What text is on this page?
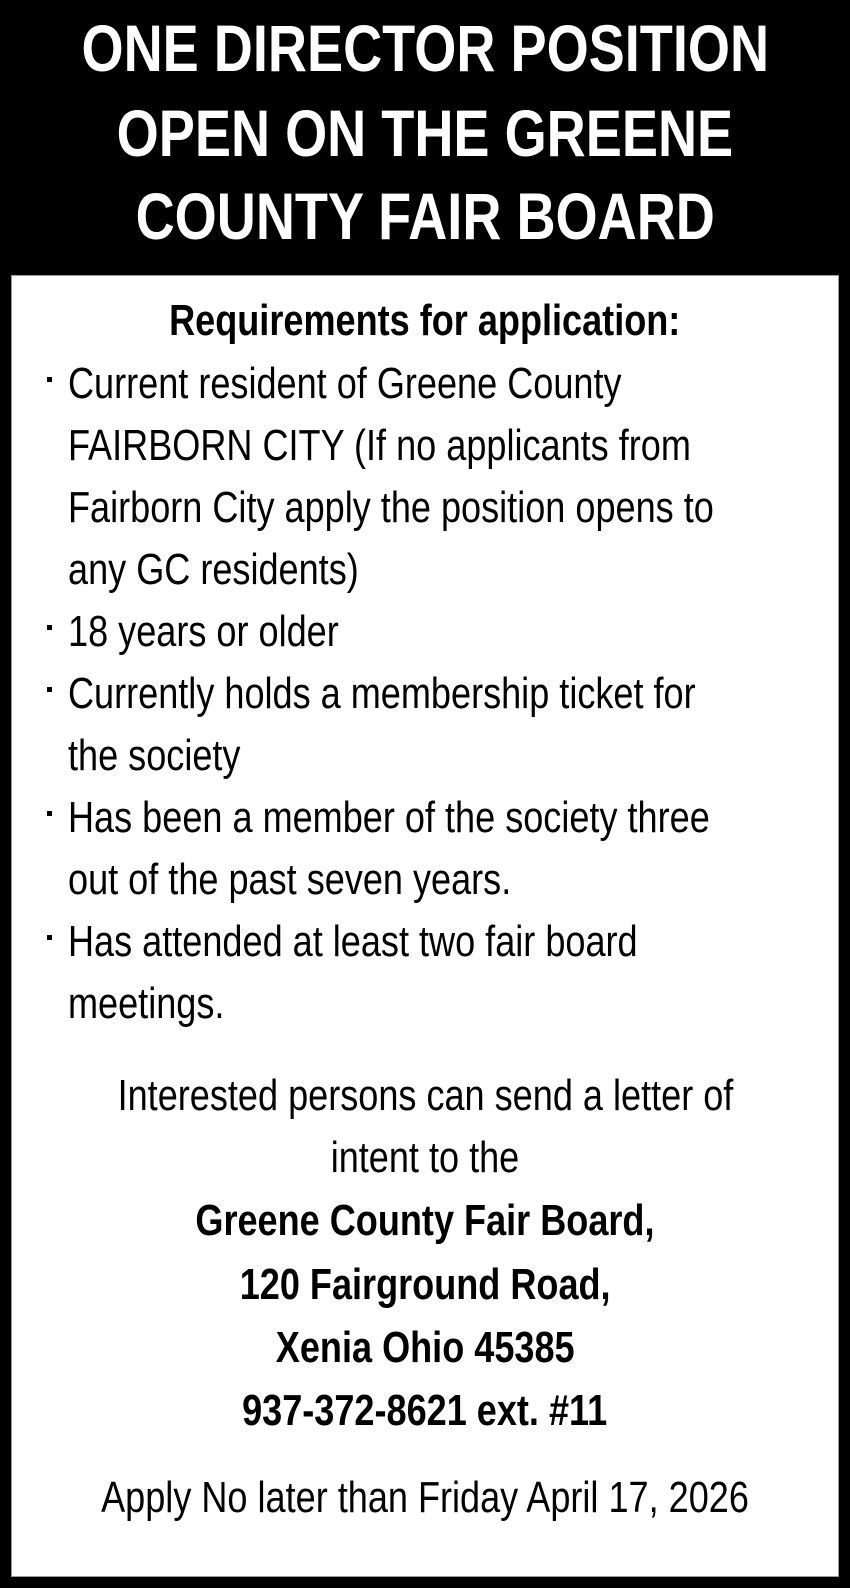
ONE DIRECTOR POSITION
OPEN ON THE GREENE
COUNTY FAIR BOARD
Requirements for application:
Current resident of Greene County
FAIRBORN CITY (If no applicants from
Fairborn City apply the position opens to
any GC residents)
18 years or older
Currently holds a membership ticket for
the society
Has been a member of the society three
out of the past seven years.
Has attended at least two fair board
meetings.
Interested persons can send a letter of
intent to the
Greene County Fair Board,
120 Fairground Road,
Xenia Ohio 45385
937-372-8621 ext. #11
Apply No later than Friday April 17, 2026
